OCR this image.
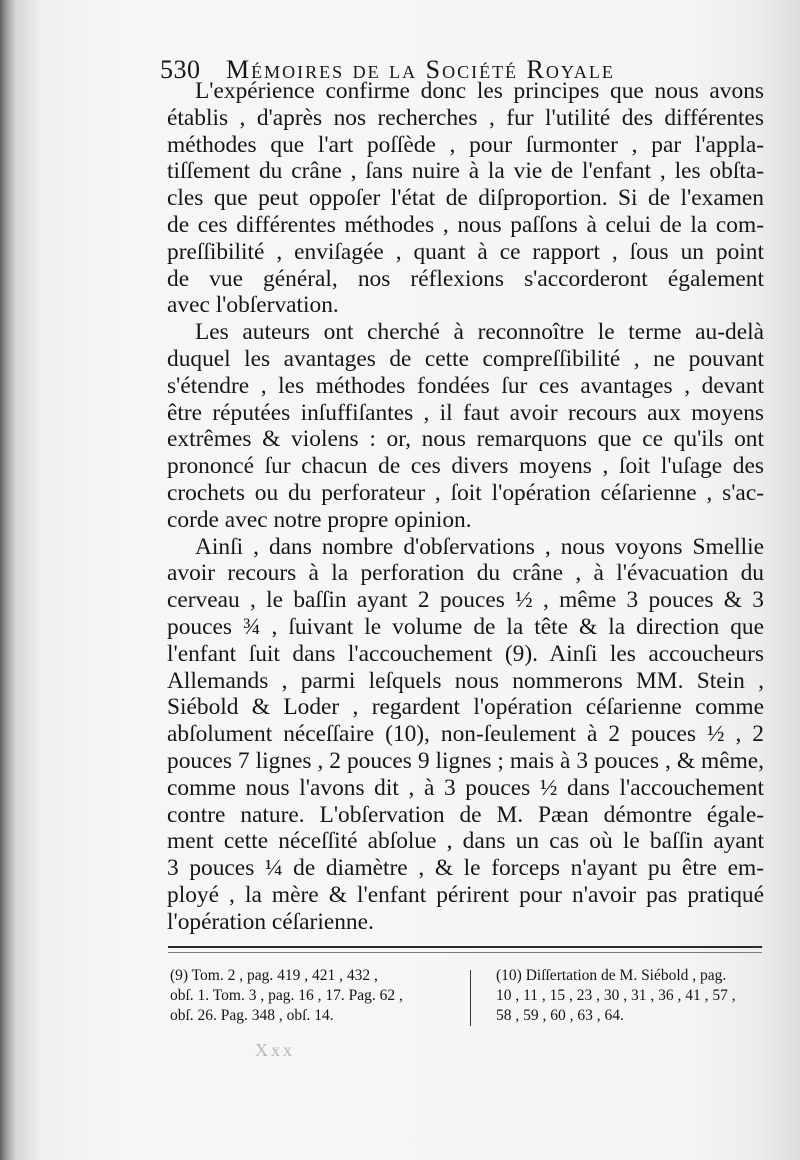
530 Mémoires de la Société Royale
L'expérience confirme donc les principes que nous avons
établis , d'après nos recherches , fur l'utilité des différentes
méthodes que l'art poſſède , pour ſurmonter , par l'appla-
tiſſement du crâne , ſans nuire à la vie de l'enfant , les obſta-
cles que peut oppoſer l'état de diſproportion. Si de l'examen
de ces différentes méthodes , nous paſſons à celui de la com-
preſſibilité , enviſagée , quant à ce rapport , ſous un point
de vue général, nos réflexions s'accorderont également
avec l'obſervation.
Les auteurs ont cherché à reconnoître le terme au-delà
duquel les avantages de cette compreſſibilité , ne pouvant
s'étendre , les méthodes fondées ſur ces avantages , devant
être réputées inſuffiſantes , il faut avoir recours aux moyens
extrêmes & violens : or, nous remarquons que ce qu'ils ont
prononcé ſur chacun de ces divers moyens , ſoit l'uſage des
crochets ou du perforateur , ſoit l'opération céſarienne , s'ac-
corde avec notre propre opinion.
Ainſi , dans nombre d'obſervations , nous voyons Smellie
avoir recours à la perforation du crâne , à l'évacuation du
cerveau , le baſſin ayant 2 pouces ½ , même 3 pouces & 3
pouces ¾ , ſuivant le volume de la tête & la direction que
l'enfant ſuit dans l'accouchement (9). Ainſi les accoucheurs
Allemands , parmi leſquels nous nommerons MM. Stein ,
Siébold & Loder , regardent l'opération céſarienne comme
abſolument néceſſaire (10), non-ſeulement à 2 pouces ½ , 2
pouces 7 lignes , 2 pouces 9 lignes ; mais à 3 pouces , & même,
comme nous l'avons dit , à 3 pouces ½ dans l'accouchement
contre nature. L'obſervation de M. Pæan démontre égale-
ment cette néceſſité abſolue , dans un cas où le baſſin ayant
3 pouces ¼ de diamètre , & le forceps n'ayant pu être em-
ployé , la mère & l'enfant périrent pour n'avoir pas pratiqué
l'opération céſarienne.
(9) Tom. 2 , pag. 419 , 421 , 432 ,
obſ. 1. Tom. 3 , pag. 16 , 17. Pag. 62 ,
obſ. 26. Pag. 348 , obſ. 14.
(10) Diſſertation de M. Siébold , pag.
10 , 11 , 15 , 23 , 30 , 31 , 36 , 41 , 57 ,
58 , 59 , 60 , 63 , 64.
Xxx
